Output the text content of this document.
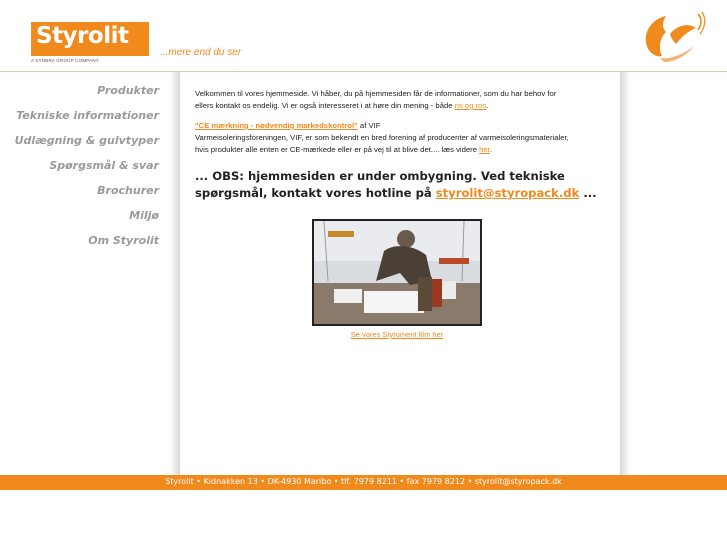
Styrolit
A SYNBRA GROUP COMPANY
...mere end du ser
Produkter
Tekniske informationer
Udlægning & gulvtyper
Spørgsmål & svar
Brochurer
Miljø
Om Styrolit
Velkommen til vores hjemmeside. Vi håber, du på hjemmesiden får de informationer, som du har behov for
ellers kontakt os endelig. Vi er også interesseret i at høre din mening - både ris og ros.
"CE mærkning - nødvendig markedskontrol" af VIF
Varmeisoleringsforeningen, VIF, er som bekendt en bred forening af producenter af varmeisoleringsmaterialer,
hvis produkter alle enten er CE-mærkede eller er på vej til at blive det.... læs videre her.
... OBS: hjemmesiden er under ombygning. Ved tekniske spørgsmål, kontakt vores hotline på styrolit@styropack.dk ...
Se vores Styroment film her
Styrolit • Kidnakken 13 • DK-4930 Maribo • tlf. 7979 8211 • fax 7979 8212 • styrolit@styropack.dk
